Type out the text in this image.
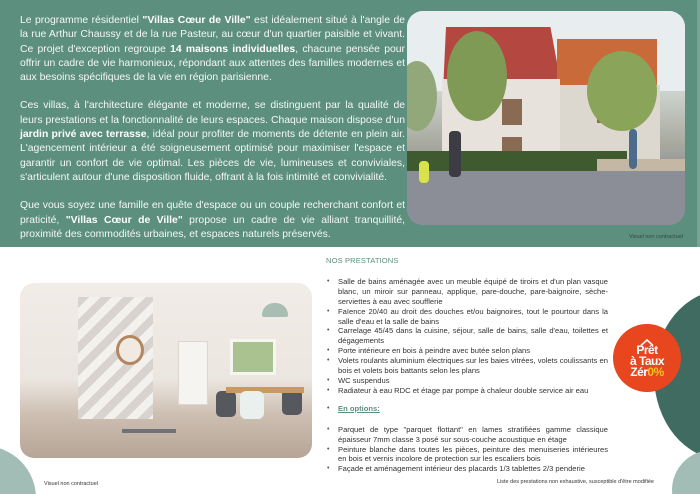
Le programme résidentiel "Villas Cœur de Ville" est idéalement situé à l'angle de la rue Arthur Chaussy et de la rue Pasteur, au cœur d'un quartier paisible et vivant. Ce projet d'exception regroupe 14 maisons individuelles, chacune pensée pour offrir un cadre de vie harmonieux, répondant aux attentes des familles modernes et aux besoins spécifiques de la vie en région parisienne.

Ces villas, à l'architecture élégante et moderne, se distinguent par la qualité de leurs prestations et la fonctionnalité de leurs espaces. Chaque maison dispose d'un jardin privé avec terrasse, idéal pour profiter de moments de détente en plein air. L'agencement intérieur a été soigneusement optimisé pour maximiser l'espace et garantir un confort de vie optimal. Les pièces de vie, lumineuses et conviviales, s'articulent autour d'une disposition fluide, offrant à la fois intimité et convivialité.

Que vous soyez une famille en quête d'espace ou un couple recherchant confort et praticité, "Villas Cœur de Ville" propose un cadre de vie alliant tranquillité, proximité des commodités urbaines, et espaces naturels préservés.	Visuel non contractuel
Visuel non contractuel
NOS PRESTATIONS
• Salle de bains aménagée avec un meuble équipé de tiroirs et d'un plan vasque blanc, un miroir sur panneau, applique, pare-douche, pare-baignoire, sèche-serviettes à eau avec soufflerie
• Faïence 20/40 au droit des douches et/ou baignoires, tout le pourtour dans la salle d'eau et la salle de bains
• Carrelage 45/45 dans la cuisine, séjour, salle de bains, salle d'eau, toilettes et dégagements
• Porte intérieure en bois à peindre avec butée selon plans
• Volets roulants aluminium électriques sur les baies vitrées, volets coulissants en bois et volets bois battants selon les plans
• WC suspendus
• Radiateur à eau RDC et étage par pompe à chaleur double service air eau
• En options:
• Parquet de type "parquet flottant" en lames stratifiées gamme classique épaisseur 7mm classe 3 posé sur sous-couche acoustique en étage
• Peinture blanche dans toutes les pièces, peinture des menuiseries intérieures en bois et vernis incolore de protection sur les escaliers bois
• Façade et aménagement intérieur des placards 1/3 tablettes 2/3 penderie
Liste des prestations non exhaustive, susceptible d'être modifiée
Prêt
à Taux
Zér0%
